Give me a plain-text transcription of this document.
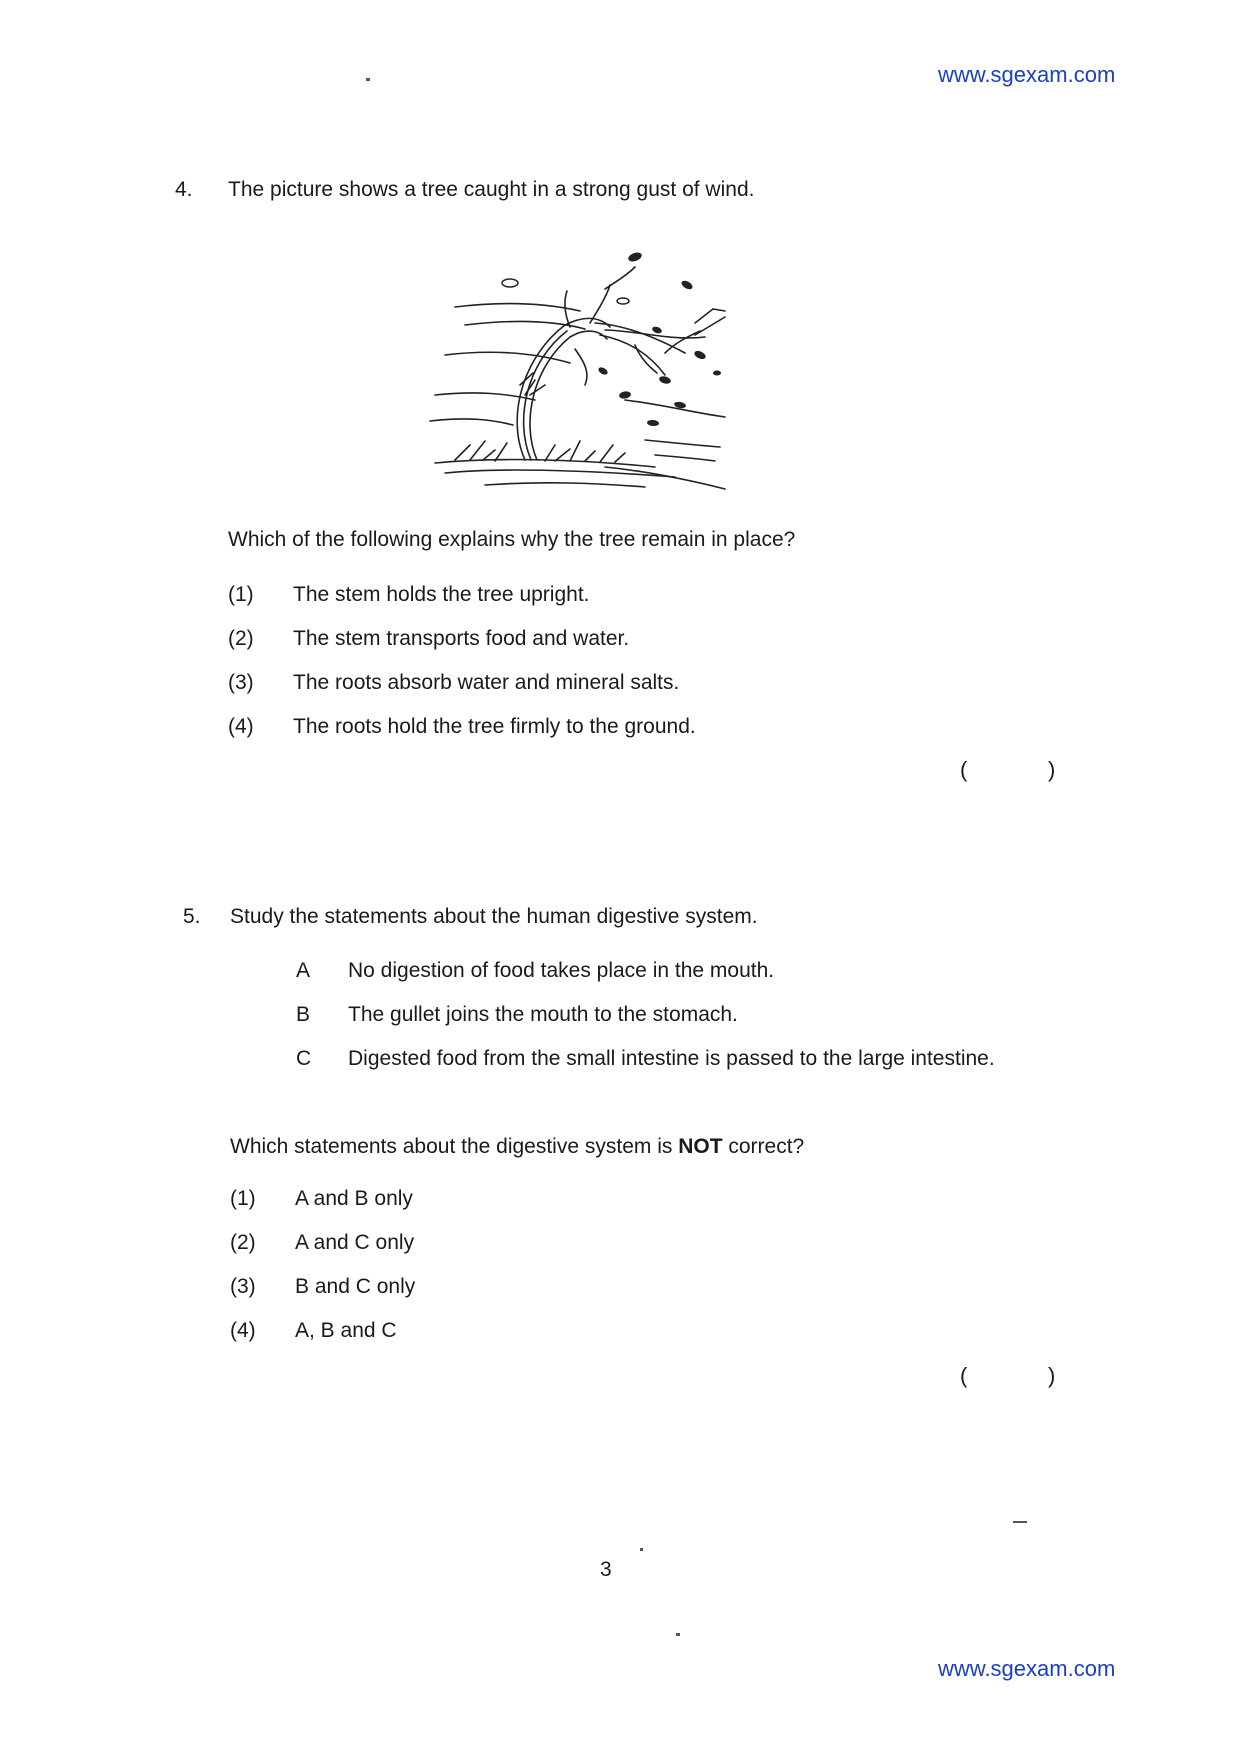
www.sgexam.com
4. The picture shows a tree caught in a strong gust of wind.
Which of the following explains why the tree remain in place?
(1) The stem holds the tree upright.
(2) The stem transports food and water.
(3) The roots absorb water and mineral salts.
(4) The roots hold the tree firmly to the ground.
(	)
5. Study the statements about the human digestive system.
A No digestion of food takes place in the mouth.
B The gullet joins the mouth to the stomach.
C Digested food from the small intestine is passed to the large intestine.
Which statements about the digestive system is NOT correct?
(1) A and B only
(2) A and C only
(3) B and C only
(4) A, B and C
(	)
3
www.sgexam.com
